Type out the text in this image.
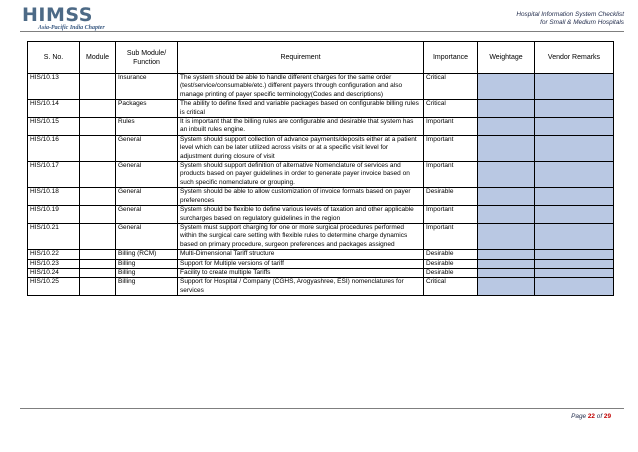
HIMSS
Asia-Pacific India Chapter
Hospital Information System Checklist
for Small & Medium Hospitals
S. No.	Module	Sub Module/ Function	Requirement	Importance	Weightage	Vendor Remarks
HIS/10.13		Insurance	The system should be able to handle different charges for the same order (test/service/consumable/etc.) different payers through configuration and also manage printing of payer specific terminology(Codes and descriptions)	Critical		
HIS/10.14		Packages	The ability to define fixed and variable packages based on configurable billing rules is critical	Critical		
HIS/10.15		Rules	It is important that the billing rules are configurable and desirable that system has an inbuilt rules engine.	Important		
HIS/10.16		General	System should support collection of advance payments/deposits either at a patient level which can be later utilized across visits or at a specific visit level for adjustment during closure of visit	Important		
HIS/10.17		General	System should support definition of alternative Nomenclature of services and products based on payer guidelines in order to generate payer invoice based on such specific nomenclature or grouping.	Important		
HIS/10.18		General	System should be able to allow customization of invoice formats based on payer preferences	Desirable		
HIS/10.19		General	System should be flexible to define various levels of taxation and other applicable surcharges based on regulatory guidelines in the region	Important		
HIS/10.21		General	System must support charging for one or more surgical procedures performed within the surgical care setting with flexible rules to determine charge dynamics based on primary procedure, surgeon preferences and packages assigned	Important		
HIS/10.22		Billing (RCM)	Multi-Dimensional Tariff structure	Desirable		
HIS/10.23		Billing	Support for Multiple versions of tariff	Desirable		
HIS/10.24		Billing	Facility to create multiple Tariffs	Desirable		
HIS/10.25		Billing	Support for Hospital / Company (CGHS, Arogyashree, ESI) nomenclatures for services	Critical		
Page 22 of 29
